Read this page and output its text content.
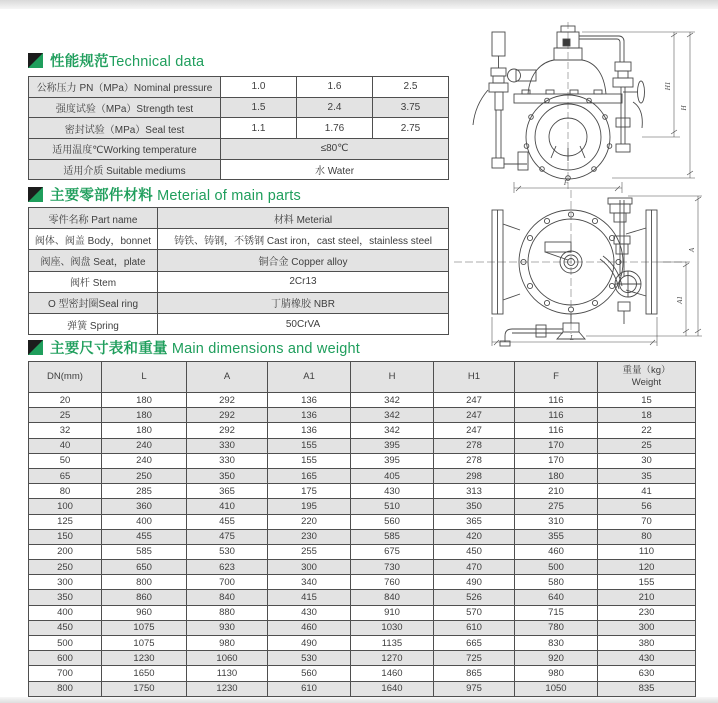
性能规范Technical data
公称压力 PN（MPa）Nominal pressure	1.0	1.6	2.5
强度试验（MPa）Strength test	1.5	2.4	3.75
密封试验（MPa）Seal test	1.1	1.76	2.75
适用温度℃Working temperature	≤80℃		
适用介质 Suitable mediums	水 Water		
主要零部件材料 Meterial of main parts
零件名称 Part name	材料 Meterial
阀体、阀盖 Body，bonnet	铸铁、铸钢，不锈钢 Cast iron，cast steel，stainless steel
阀座、阀盘 Seat，plate	铜合金 Copper alloy
阀杆 Stem	2Cr13
O 型密封圈Seal ring	丁腈橡胶 NBR
弹簧 Spring	50CrVA
主要尺寸表和重量 Main dimensions and weight
DN(mm)	L	A	A1	H	H1	F	重量（kg）
Weight
20	180	292	136	342	247	116	15
25	180	292	136	342	247	116	18
32	180	292	136	342	247	116	22
40	240	330	155	395	278	170	25
50	240	330	155	395	278	170	30
65	250	350	165	405	298	180	35
80	285	365	175	430	313	210	41
100	360	410	195	510	350	275	56
125	400	455	220	560	365	310	70
150	455	475	230	585	420	355	80
200	585	530	255	675	450	460	110
250	650	623	300	730	470	500	120
300	800	700	340	760	490	580	155
350	860	840	415	840	526	640	210
400	960	880	430	910	570	715	230
450	1075	930	460	1030	610	780	300
500	1075	980	490	1135	665	830	380
600	1230	1060	530	1270	725	920	430
700	1650	1130	560	1460	865	980	630
800	1750	1230	610	1640	975	1050	835
H1
H
F
A
A1
L
